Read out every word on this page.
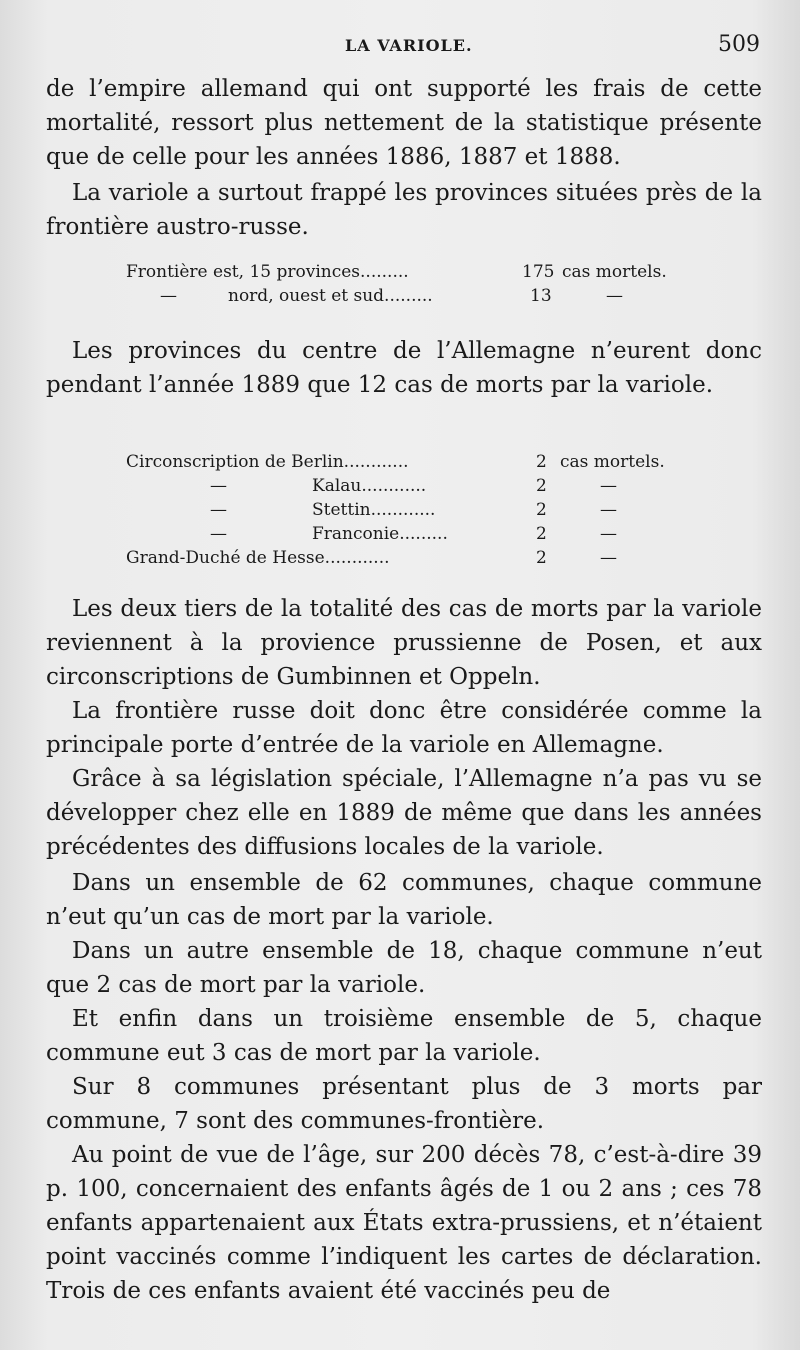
LA VARIOLE.	509

de l’empire allemand qui ont supporté les frais de cette mortalité, ressort plus nettement de la statistique présente que de celle pour les années 1886, 1887 et 1888.

La variole a surtout frappé les provinces situées près de la frontière austro-russe.

Frontière est, 15 provinces.........	175 cas mortels.
—	nord, ouest et sud.........	13	—

Les provinces du centre de l’Allemagne n’eurent donc pendant l’année 1889 que 12 cas de morts par la variole.

Circonscription de Berlin............	2 cas mortels.
—	Kalau............	2	—
—	Stettin............	2	—
—	Franconie.........	2	—
Grand-Duché de Hesse............	2	—

Les deux tiers de la totalité des cas de morts par la variole reviennent à la provience prussienne de Posen, et aux circonscriptions de Gumbinnen et Oppeln.

La frontière russe doit donc être considérée comme la principale porte d’entrée de la variole en Allemagne.

Grâce à sa législation spéciale, l’Allemagne n’a pas vu se développer chez elle en 1889 de même que dans les années précédentes des diffusions locales de la variole.

Dans un ensemble de 62 communes, chaque commune n’eut qu’un cas de mort par la variole.

Dans un autre ensemble de 18, chaque commune n’eut que 2 cas de mort par la variole.

Et enfin dans un troisième ensemble de 5, chaque commune eut 3 cas de mort par la variole.

Sur 8 communes présentant plus de 3 morts par commune, 7 sont des communes-frontière.

Au point de vue de l’âge, sur 200 décès 78, c’est-à-dire 39 p. 100, concernaient des enfants âgés de 1 ou 2 ans ; ces 78 enfants appartenaient aux États extra-prussiens, et n’étaient point vaccinés comme l’indiquent les cartes de déclaration. Trois de ces enfants avaient été vaccinés peu de
